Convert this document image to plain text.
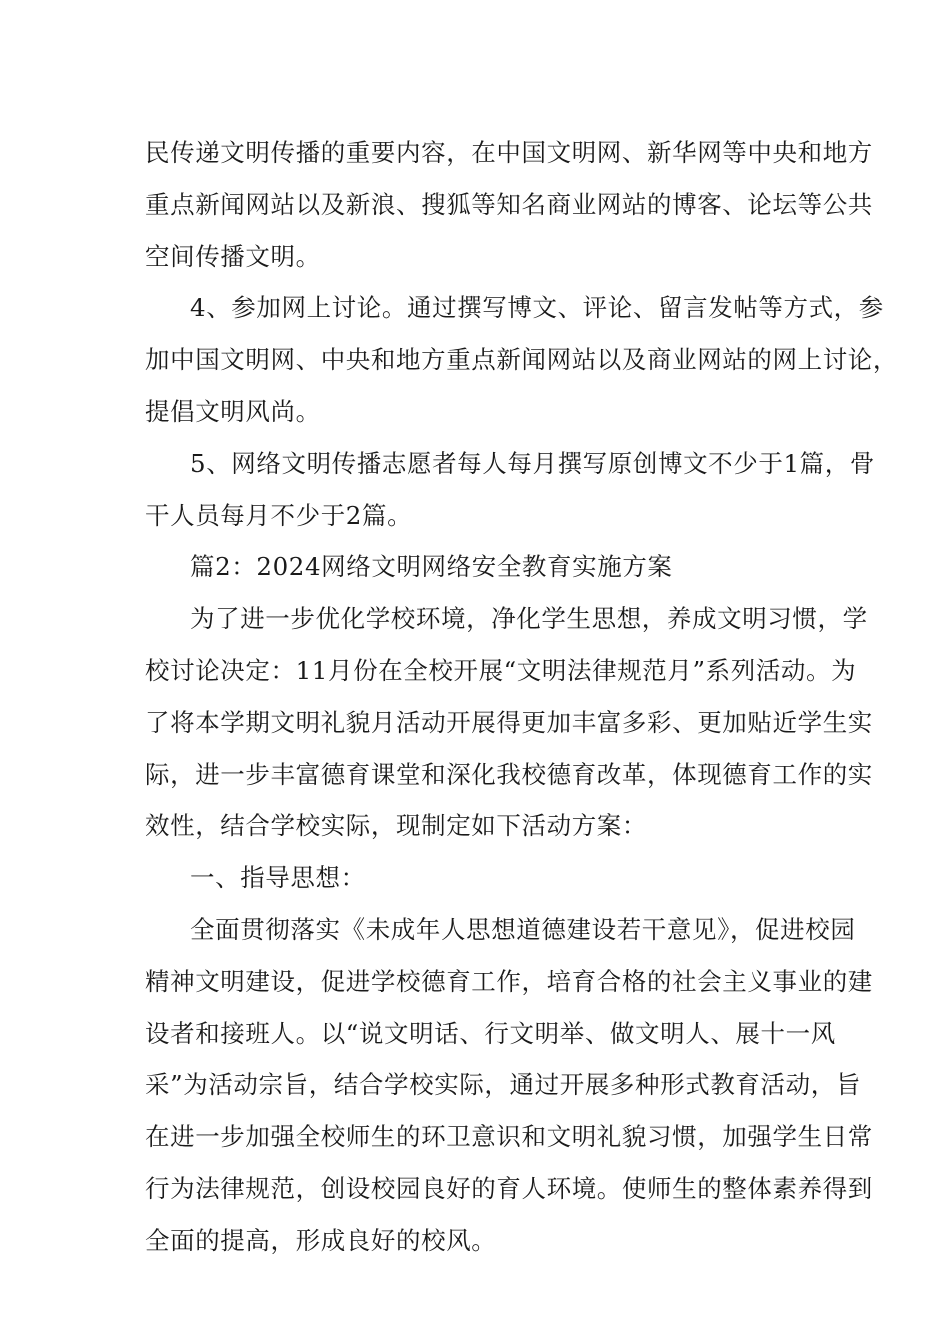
民传递文明传播的重要内容，在中国文明网、新华网等中央和地方
重点新闻网站以及新浪、搜狐等知名商业网站的博客、论坛等公共
空间传播文明。
4、参加网上讨论。通过撰写博文、评论、留言发帖等方式，参
加中国文明网、中央和地方重点新闻网站以及商业网站的网上讨论，
提倡文明风尚。
5、网络文明传播志愿者每人每月撰写原创博文不少于1篇，骨
干人员每月不少于2篇。
篇2：2024网络文明网络安全教育实施方案
为了进一步优化学校环境，净化学生思想，养成文明习惯，学
校讨论决定：11月份在全校开展“文明法律规范月”系列活动。为
了将本学期文明礼貌月活动开展得更加丰富多彩、更加贴近学生实
际，进一步丰富德育课堂和深化我校德育改革，体现德育工作的实
效性，结合学校实际，现制定如下活动方案：
一、指导思想：
全面贯彻落实《未成年人思想道德建设若干意见》，促进校园
精神文明建设，促进学校德育工作，培育合格的社会主义事业的建
设者和接班人。以“说文明话、行文明举、做文明人、展十一风
采”为活动宗旨，结合学校实际，通过开展多种形式教育活动，旨
在进一步加强全校师生的环卫意识和文明礼貌习惯，加强学生日常
行为法律规范，创设校园良好的育人环境。使师生的整体素养得到
全面的提高，形成良好的校风。
